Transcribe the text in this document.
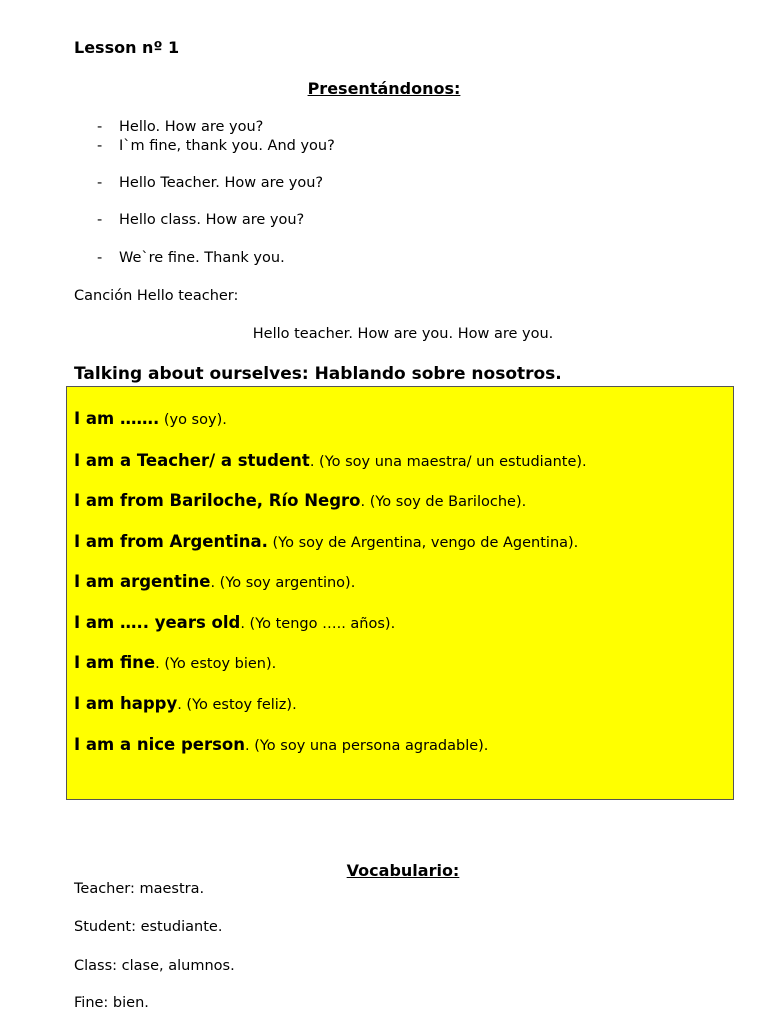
Lesson nº 1
Presentándonos:
- Hello. How are you?
- I`m fine, thank you. And you?
- Hello Teacher. How are you?
- Hello class. How are you?
- We`re fine. Thank you.
Canción Hello teacher:
Hello teacher. How are you. How are you.
Talking about ourselves: Hablando sobre nosotros.
I am ……. (yo soy).
I am a Teacher/ a student. (Yo soy una maestra/ un estudiante).
I am from Bariloche, Río Negro. (Yo soy de Bariloche).
I am from Argentina. (Yo soy de Argentina, vengo de Agentina).
I am argentine. (Yo soy argentino).
I am ….. years old. (Yo tengo ….. años).
I am fine. (Yo estoy bien).
I am happy. (Yo estoy feliz).
I am a nice person. (Yo soy una persona agradable).
Vocabulario:
Teacher: maestra.
Student: estudiante.
Class: clase, alumnos.
Fine: bien.
